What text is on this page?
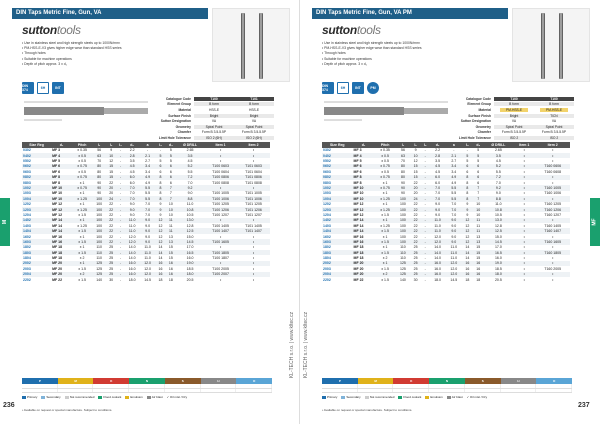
DIN Taps Metric Fine, Gun, VA
suttontools
• Use in stainless steel and high strength steels up to 1000N/mm²
• PM-HSS-E-V3 gives higher edge wear than standard HSS series
• Through holes
• Suitable for machine operations
• Depth of pitch approx. 3 x d₁
DIN 374	6H	INT
Catalogue Code	T100	T101
Element Group	B form	B form
Material	HSS-E	HSS-E
Surface Finish	Bright	Bright
Sutton Designation	VA	VA
Geometry	Spiral Point	Spiral Point
Chamfer	Form B 3.5-5.5P	Form B 3.5-5.5P
Limit Hole Tolerance	ISO 2 (6H)	ISO 2 (6H)
Size Reg	d₁	Pitch	l₁	l₂	l₃	d₂	a	l₄	d₃	Ø DRILL	Item 1	Item 2
0302	MF 3	x 0.35	56	9	-	2.2	-	-	5	2.65	•	•
0402	MF 4	x 0.5	63	10	-	2.8	2.1	5	5	3.5	•	•
0502	MF 5	x 0.5	70	12	-	3.5	2.7	5	5	4.5	•	•
0602	MF 6	x 0.75	80	15	-	4.5	3.4	6	6	5.2	T100 0603	T101 0603
0603	MF 6	x 0.5	80	15	-	4.5	3.4	6	6	5.5	T100 0604	T101 0604
0802	MF 8	x 0.75	80	15	-	6.0	4.9	8	6	7.2	T100 0806	T101 0806
0803	MF 8	x 1	90	22	-	6.0	4.9	8	6	7.0	T100 0808	T101 0808
1002	MF 10	x 0.75	90	20	-	7.0	5.5	8	7	9.2	•	•
1003	MF 10	x 1	90	20	-	7.0	5.5	8	7	9.0	T100 1005	T101 1005
1004	MF 10	x 1.25	100	24	-	7.0	5.5	8	7	8.8	T100 1006	T101 1006
1202	MF 12	x 1	100	22	-	9.0	7.0	9	10	11.0	T100 1205	T101 1205
1203	MF 12	x 1.25	100	22	-	9.0	7.0	9	10	10.8	T100 1206	T101 1206
1204	MF 12	x 1.5	100	22	-	9.0	7.0	9	10	10.5	T100 1207	T101 1207
1402	MF 14	x 1	100	22	-	11.0	9.0	12	11	13.0	•	•
1403	MF 14	x 1.25	100	22	-	11.0	9.0	12	11	12.8	T100 1405	T101 1405
1404	MF 14	x 1.5	100	22	-	11.0	9.0	12	11	12.5	T100 1407	T101 1407
1602	MF 16	x 1	100	22	-	12.0	9.0	12	13	15.0	•	•
1603	MF 16	x 1.5	100	22	-	12.0	9.0	12	13	14.5	T100 1605	•
1802	MF 18	x 1	110	25	-	14.0	11.0	14	15	17.0	•	•
1803	MF 18	x 1.5	110	25	-	14.0	11.0	14	15	16.5	T100 1805	•
1804	MF 18	x 2	110	25	-	14.0	11.0	14	15	16.0	T100 1807	•
2002	MF 20	x 1	125	25	-	16.0	12.0	16	16	19.0	•	•
2003	MF 20	x 1.5	125	25	-	16.0	12.0	16	16	18.5	T100 2005	•
2004	MF 20	x 2	125	25	-	16.0	12.0	16	16	18.0	T100 2007	•
2202	MF 22	x 1.5	140	30	-	18.0	14.5	18	18	20.5	•	•
P	M	K	N	S	H	O
Primary	Secondary	Not recommended	Flood coolant	Emulsion	Air blast ✓ Oil mist / Dry
• Available on request or special manufacture. Subject to conditions.
236
M
KL-TECH s.r.o. | www.kltec.cz
DIN Taps Metric Fine, Gun, VA PM
suttontools
• Use in stainless steel and high strength steels up to 1000N/mm²
• PM-HSS-E-V3 gives higher edge wear than standard HSS series
• Through holes
• Suitable for machine operations
• Depth of pitch approx. 3 x d₁
DIN 374	6H	INT	PM
Catalogue Code	T100	T100
Element Group	B form	B form
Material	PM-HSS-E	PM-HSS-E
Surface Finish	Bright	TiCN
Sutton Designation	VA	VA
Geometry	Spiral Point	Spiral Point
Chamfer	Form B 3.5-5.5P	Form B 3.5-5.5P
Limit Hole Tolerance	ISO 2	ISO 2
Size Reg	d₁	Pitch	l₁	l₂	l₃	d₂	a	l₄	d₃	Ø DRILL	Item 1	Item 2
0302	MF 3	x 0.35	56	9	-	2.2	-	-	5	2.65	•	•
0402	MF 4	x 0.5	63	10	-	2.8	2.1	5	5	3.5	•	•
0502	MF 5	x 0.5	70	12	-	3.5	2.7	5	5	4.5	•	•
0602	MF 6	x 0.75	80	15	-	4.5	3.4	6	6	5.2	•	T160 0606
0603	MF 6	x 0.5	80	15	-	4.5	3.4	6	6	5.5	•	T160 0608
0802	MF 8	x 0.75	80	15	-	6.0	4.9	8	6	7.2	•	•
0803	MF 8	x 1	90	22	-	6.0	4.9	8	6	7.0	•	•
1002	MF 10	x 0.75	90	20	-	7.0	5.5	8	7	9.2	•	T160 1005
1003	MF 10	x 1	90	20	-	7.0	5.5	8	7	9.0	•	T160 1006
1004	MF 10	x 1.25	100	24	-	7.0	5.5	8	7	8.8	•	•
1202	MF 12	x 1	100	22	-	9.0	7.0	9	10	11.0	•	T160 1205
1203	MF 12	x 1.25	100	22	-	9.0	7.0	9	10	10.8	•	T160 1206
1204	MF 12	x 1.5	100	22	-	9.0	7.0	9	10	10.5	•	T160 1207
1402	MF 14	x 1	100	22	-	11.0	9.0	12	11	13.0	•	•
1403	MF 14	x 1.25	100	22	-	11.0	9.0	12	11	12.8	•	T160 1405
1404	MF 14	x 1.5	100	22	-	11.0	9.0	12	11	12.5	•	T160 1407
1602	MF 16	x 1	100	22	-	12.0	9.0	12	13	15.0	•	•
1603	MF 16	x 1.5	100	22	-	12.0	9.0	12	13	14.5	•	T160 1605
1802	MF 18	x 1	110	25	-	14.0	11.0	14	15	17.0	•	•
1803	MF 18	x 1.5	110	25	-	14.0	11.0	14	15	16.5	•	T160 1805
1804	MF 18	x 2	110	25	-	14.0	11.0	14	15	16.0	•	•
2002	MF 20	x 1	125	25	-	16.0	12.0	16	16	19.0	•	•
2003	MF 20	x 1.5	125	25	-	16.0	12.0	16	16	18.5	•	T160 2005
2004	MF 20	x 2	125	25	-	16.0	12.0	16	16	18.0	•	•
2202	MF 22	x 1.5	140	30	-	18.0	14.5	18	18	20.5	•	•
P	M	K	N	S	H	O
Primary	Secondary	Not recommended	Flood coolant	Emulsion	Air blast ✓ Oil mist / Dry
• Available on request or special manufacture. Subject to conditions.
237
MF
KL-TECH s.r.o. | www.kltec.cz
